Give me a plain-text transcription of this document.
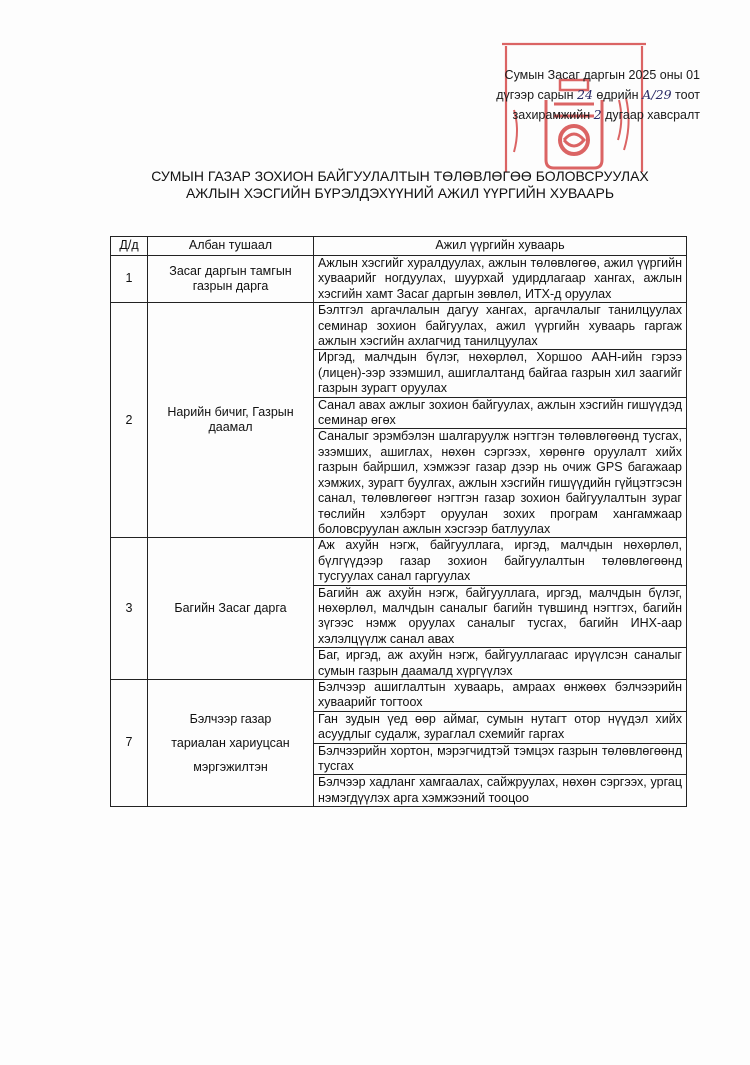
Сумын Засаг даргын 2025 оны 01
дүгээр сарын 24 өдрийн А/29 тоот
захирамжийн 2 дугаар хавсралт
СУМЫН ГАЗАР ЗОХИОН БАЙГУУЛАЛТЫН ТӨЛӨВЛӨГӨӨ БОЛОВСРУУЛАХ
АЖЛЫН ХЭСГИЙН БҮРЭЛДЭХҮҮНИЙ АЖИЛ ҮҮРГИЙН ХУВААРЬ
Д/д	Албан тушаал	Ажил үүргийн хуваарь
1	Засаг даргын тамгын газрын дарга	Ажлын хэсгийг хуралдуулах, ажлын төлөвлөгөө, ажил үүргийн хуваарийг ногдуулах, шуурхай удирдлагаар хангах, ажлын хэсгийн хамт Засаг даргын зөвлөл, ИТХ-д оруулах
2	Нарийн бичиг, Газрын даамал	Бэлтгэл аргачлалын дагуу хангах, аргачлалыг танилцуулах семинар зохион байгуулах, ажил үүргийн хуваарь гаргаж ажлын хэсгийн ахлагчид танилцуулах
		Иргэд, малчдын бүлэг, нөхөрлөл, Хоршоо ААН-ийн гэрээ (лицен)-ээр эзэмшил, ашиглалтанд байгаа газрын хил заагийг газрын зурагт оруулах
		Санал авах ажлыг зохион байгуулах, ажлын хэсгийн гишүүдэд семинар өгөх
		Саналыг эрэмбэлэн шалгаруулж нэгтгэн төлөвлөгөөнд тусгах, эзэмших, ашиглах, нөхөн сэргээх, хөрөнгө оруулалт хийх газрын байршил, хэмжээг газар дээр нь очиж GPS багажаар хэмжих, зурагт буулгах, ажлын хэсгийн гишүүдийн гүйцэтгэсэн санал, төлөвлөгөөг нэгтгэн газар зохион байгуулалтын зураг төслийн хэлбэрт оруулан зохих програм хангамжаар боловсруулан ажлын хэсгээр батлуулах
3	Багийн Засаг дарга	Аж ахуйн нэгж, байгууллага, иргэд, малчдын нөхөрлөл, бүлгүүдээр газар зохион байгуулалтын төлөвлөгөөнд тусгуулах санал гаргуулах
		Багийн аж ахуйн нэгж, байгууллага, иргэд, малчдын бүлэг, нөхөрлөл, малчдын саналыг багийн түвшинд нэгтгэх, багийн зүгээс нэмж оруулах саналыг тусгах, багийн ИНХ-аар хэлэлцүүлж санал авах
		Баг, иргэд, аж ахуйн нэгж, байгууллагаас ирүүлсэн саналыг сумын газрын даамалд хүргүүлэх
7	Бэлчээр газар
тариалан хариуцсан
мэргэжилтэн	Бэлчээр ашиглалтын хуваарь, амраах өнжөөх бэлчээрийн хуваарийг тогтоох
		Ган зудын үед өөр аймаг, сумын нутагт отор нүүдэл хийх асуудлыг судалж, зураглал схемийг гаргах
		Бэлчээрийн хортон, мэрэгчидтэй тэмцэх газрын төлөвлөгөөнд тусгах
		Бэлчээр хадланг хамгаалах, сайжруулах, нөхөн сэргээх, ургац нэмэгдүүлэх арга хэмжээний тооцоо
